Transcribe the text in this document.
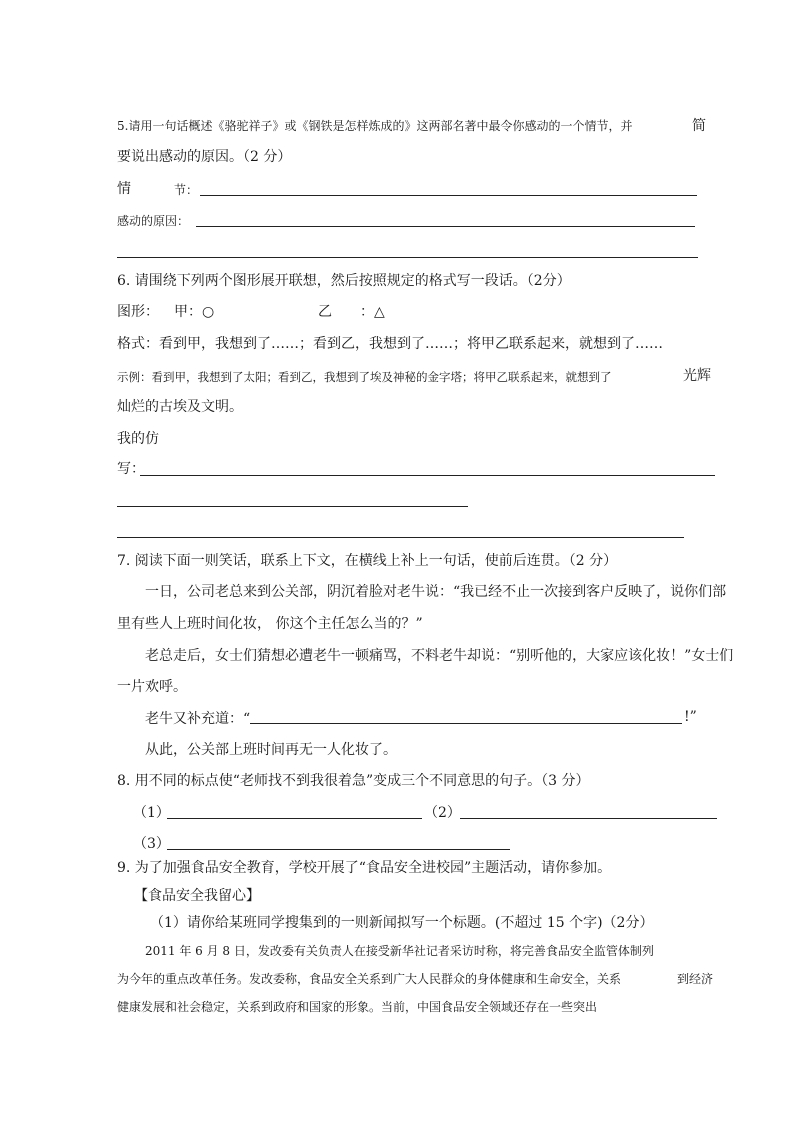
5.请用一句话概述《骆驼祥子》或《钢铁是怎样炼成的》这两部名著中最令你感动的一个情节，并	简
要说出感动的原因。（2 分）
情	节：
感动的原因：
6. 请围绕下列两个图形展开联想，然后按照规定的格式写一段话。（2分）
图形： 甲：○	乙 ：△
格式：看到甲，我想到了……；看到乙，我想到了……；将甲乙联系起来，就想到了……
示例：看到甲，我想到了太阳；看到乙，我想到了埃及神秘的金字塔；将甲乙联系起来，就想到了	光辉
灿烂的古埃及文明。
我的仿
写：
7. 阅读下面一则笑话，联系上下文，在横线上补上一句话，使前后连贯。（2 分）
一日，公司老总来到公关部，阴沉着脸对老牛说：“我已经不止一次接到客户反映了，说你们部
里有些人上班时间化妆， 你这个主任怎么当的？”
老总走后，女士们猜想必遭老牛一顿痛骂，不料老牛却说：“别听他的，大家应该化妆！”女士们
一片欢呼。
老牛又补充道：“	!”
从此，公关部上班时间再无一人化妆了。
8. 用不同的标点使“老师找不到我很着急”变成三个不同意思的句子。（3 分）
（1）	（2）
（3）
9. 为了加强食品安全教育，学校开展了“食品安全进校园”主题活动，请你参加。
【食品安全我留心】
（1）请你给某班同学搜集到的一则新闻拟写一个标题。(不超过 15 个字)（2分）
2011 年 6 月 8 日，发改委有关负责人在接受新华社记者采访时称，将完善食品安全监管体制列
为今年的重点改革任务。发改委称，食品安全关系到广大人民群众的身体健康和生命安全，关系	到经济
健康发展和社会稳定，关系到政府和国家的形象。当前，中国食品安全领域还存在一些突出
